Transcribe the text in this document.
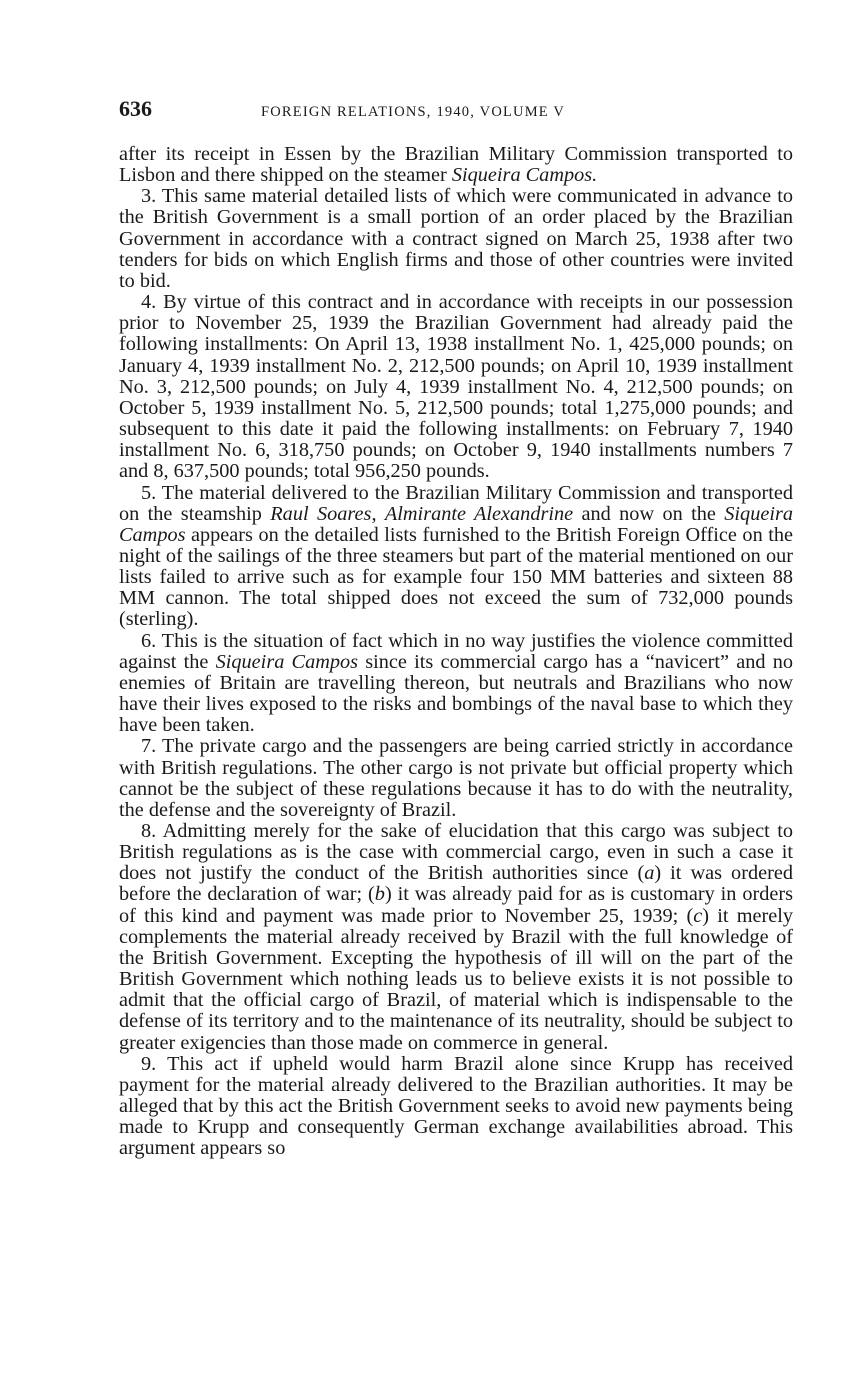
636	FOREIGN RELATIONS, 1940, VOLUME V

after its receipt in Essen by the Brazilian Military Commission transported to Lisbon and there shipped on the steamer Siqueira Campos.

3. This same material detailed lists of which were communicated in advance to the British Government is a small portion of an order placed by the Brazilian Government in accordance with a contract signed on March 25, 1938 after two tenders for bids on which English firms and those of other countries were invited to bid.

4. By virtue of this contract and in accordance with receipts in our possession prior to November 25, 1939 the Brazilian Government had already paid the following installments: On April 13, 1938 installment No. 1, 425,000 pounds; on January 4, 1939 installment No. 2, 212,500 pounds; on April 10, 1939 installment No. 3, 212,500 pounds; on July 4, 1939 installment No. 4, 212,500 pounds; on October 5, 1939 installment No. 5, 212,500 pounds; total 1,275,000 pounds; and subsequent to this date it paid the following installments: on February 7, 1940 installment No. 6, 318,750 pounds; on October 9, 1940 installments numbers 7 and 8, 637,500 pounds; total 956,250 pounds.

5. The material delivered to the Brazilian Military Commission and transported on the steamship Raul Soares, Almirante Alexandrine and now on the Siqueira Campos appears on the detailed lists furnished to the British Foreign Office on the night of the sailings of the three steamers but part of the material mentioned on our lists failed to arrive such as for example four 150 MM batteries and sixteen 88 MM cannon. The total shipped does not exceed the sum of 732,000 pounds (sterling).

6. This is the situation of fact which in no way justifies the violence committed against the Siqueira Campos since its commercial cargo has a “navicert” and no enemies of Britain are travelling thereon, but neutrals and Brazilians who now have their lives exposed to the risks and bombings of the naval base to which they have been taken.

7. The private cargo and the passengers are being carried strictly in accordance with British regulations. The other cargo is not private but official property which cannot be the subject of these regulations because it has to do with the neutrality, the defense and the sovereignty of Brazil.

8. Admitting merely for the sake of elucidation that this cargo was subject to British regulations as is the case with commercial cargo, even in such a case it does not justify the conduct of the British authorities since (a) it was ordered before the declaration of war; (b) it was already paid for as is customary in orders of this kind and payment was made prior to November 25, 1939; (c) it merely complements the material already received by Brazil with the full knowledge of the British Government. Excepting the hypothesis of ill will on the part of the British Government which nothing leads us to believe exists it is not possible to admit that the official cargo of Brazil, of material which is indispensable to the defense of its territory and to the maintenance of its neutrality, should be subject to greater exigencies than those made on commerce in general.

9. This act if upheld would harm Brazil alone since Krupp has received payment for the material already delivered to the Brazilian authorities. It may be alleged that by this act the British Government seeks to avoid new payments being made to Krupp and consequently German exchange availabilities abroad. This argument appears so
